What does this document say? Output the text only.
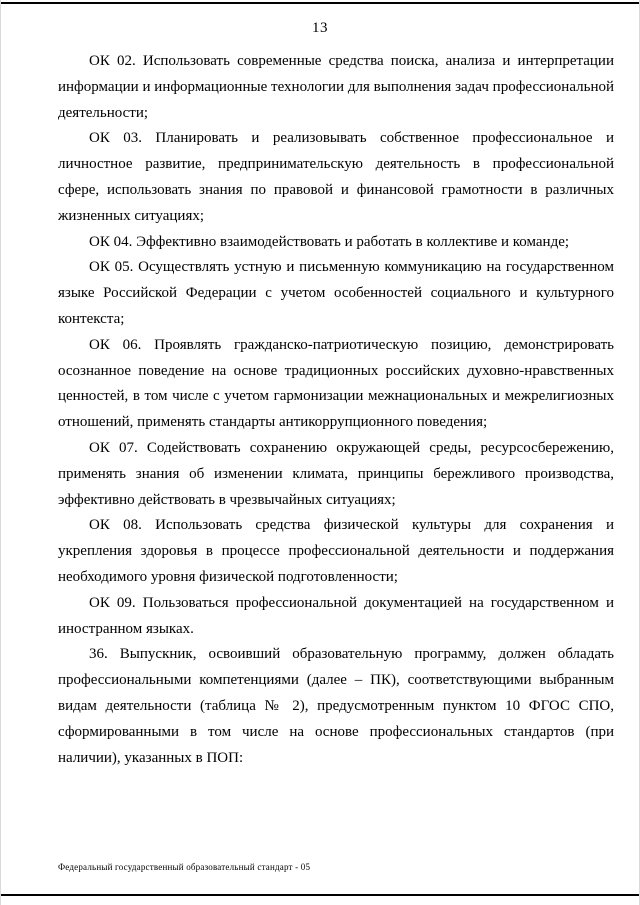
13

ОК 02. Использовать современные средства поиска, анализа и интерпретации информации и информационные технологии для выполнения задач профессиональной деятельности;

ОК 03. Планировать и реализовывать собственное профессиональное и личностное развитие, предпринимательскую деятельность в профессиональной сфере, использовать знания по правовой и финансовой грамотности в различных жизненных ситуациях;

ОК 04. Эффективно взаимодействовать и работать в коллективе и команде;

ОК 05. Осуществлять устную и письменную коммуникацию на государственном языке Российской Федерации с учетом особенностей социального и культурного контекста;

ОК 06. Проявлять гражданско-патриотическую позицию, демонстрировать осознанное поведение на основе традиционных российских духовно-нравственных ценностей, в том числе с учетом гармонизации межнациональных и межрелигиозных отношений, применять стандарты антикоррупционного поведения;

ОК 07. Содействовать сохранению окружающей среды, ресурсосбережению, применять знания об изменении климата, принципы бережливого производства, эффективно действовать в чрезвычайных ситуациях;

ОК 08. Использовать средства физической культуры для сохранения и укрепления здоровья в процессе профессиональной деятельности и поддержания необходимого уровня физической подготовленности;

ОК 09. Пользоваться профессиональной документацией на государственном и иностранном языках.

36. Выпускник, освоивший образовательную программу, должен обладать профессиональными компетенциями (далее – ПК), соответствующими выбранным видам деятельности (таблица № 2), предусмотренным пунктом 10 ФГОС СПО, сформированными в том числе на основе профессиональных стандартов (при наличии), указанных в ПОП:

Федеральный государственный образовательный стандарт - 05
